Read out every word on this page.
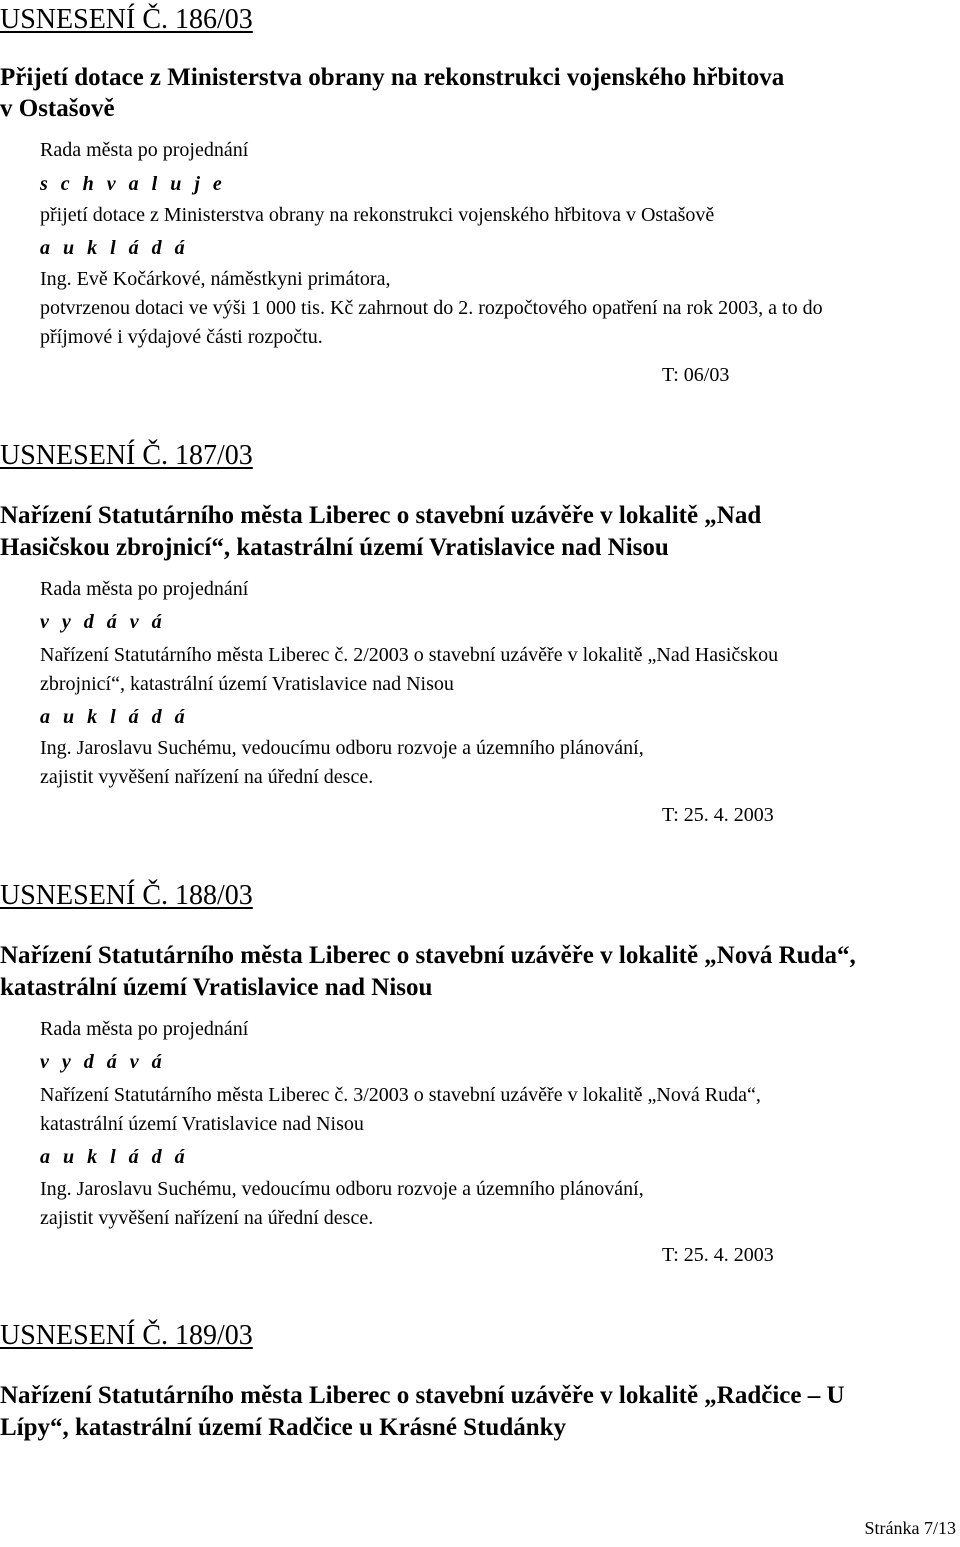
USNESENÍ Č. 186/03
Přijetí dotace z Ministerstva obrany na rekonstrukci vojenského hřbitova
v Ostašově
Rada města po projednání
s c h v a l u j e
přijetí dotace z Ministerstva obrany na rekonstrukci vojenského hřbitova v Ostašově
a u k l á d á
Ing. Evě Kočárkové, náměstkyni primátora,
potvrzenou dotaci ve výši 1 000 tis. Kč zahrnout do 2. rozpočtového opatření na rok 2003, a to do
příjmové i výdajové části rozpočtu.
T: 06/03
USNESENÍ Č. 187/03
Nařízení Statutárního města Liberec o stavební uzávěře v lokalitě „Nad
Hasičskou zbrojnicí“, katastrální území Vratislavice nad Nisou
Rada města po projednání
v y d á v á
Nařízení Statutárního města Liberec č. 2/2003 o stavební uzávěře v lokalitě „Nad Hasičskou
zbrojnicí“, katastrální území Vratislavice nad Nisou
a u k l á d á
Ing. Jaroslavu Suchému, vedoucímu odboru rozvoje a územního plánování,
zajistit vyvěšení nařízení na úřední desce.
T: 25. 4. 2003
USNESENÍ Č. 188/03
Nařízení Statutárního města Liberec o stavební uzávěře v lokalitě „Nová Ruda“,
katastrální území Vratislavice nad Nisou
Rada města po projednání
v y d á v á
Nařízení Statutárního města Liberec č. 3/2003 o stavební uzávěře v lokalitě „Nová Ruda“,
katastrální území Vratislavice nad Nisou
a u k l á d á
Ing. Jaroslavu Suchému, vedoucímu odboru rozvoje a územního plánování,
zajistit vyvěšení nařízení na úřední desce.
T: 25. 4. 2003
USNESENÍ Č. 189/03
Nařízení Statutárního města Liberec o stavební uzávěře v lokalitě „Radčice – U
Lípy“, katastrální území Radčice u Krásné Studánky
Stránka 7/13
